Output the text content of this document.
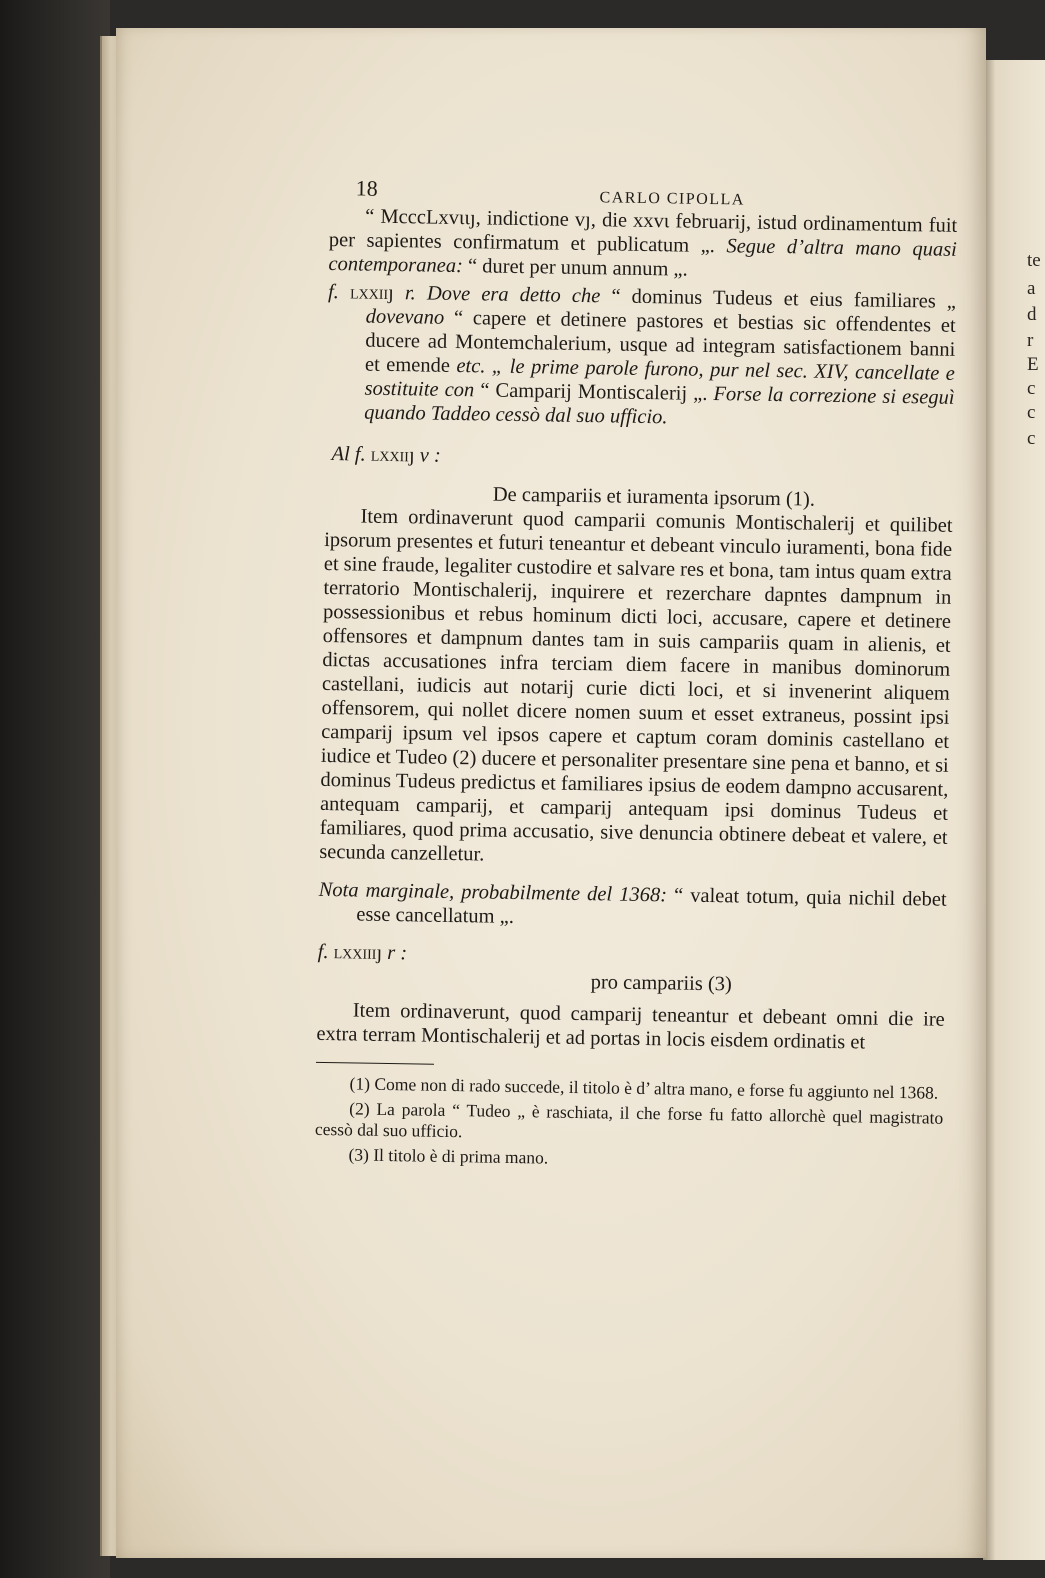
te
a
d
r
E
c
c
c
18	CARLO CIPOLLA

“ MccсLxvιιȷ, indictione vȷ, die xxvι februarij, istud ordinamentum fuit per sapientes confirmatum et publicatum „. Segue d’altra mano quasi contemporanea: “ duret per unum annum „.

f. lxxιιȷ r. Dove era detto che “ dominus Tudeus et eius familiares „ dovevano “ capere et detinere pastores et bestias sic offendentes et ducere ad Montemchalerium, usque ad integram satisfactionem banni et emende etc. „ le prime parole furono, pur nel sec. XIV, cancellate e sostituite con “ Camparij Montiscalerij „. Forse la correzione si eseguì quando Taddeo cessò dal suo ufficio.

Al f. lxxιιȷ v :

De campariis et iuramenta ipsorum (1).

Item ordinaverunt quod camparii comunis Montischalerij et quilibet ipsorum presentes et futuri teneantur et debeant vinculo iuramenti, bona fide et sine fraude, legaliter custodire et salvare res et bona, tam intus quam extra terratorio Montischalerij, inquirere et rezerchare dapntes dampnum in possessionibus et rebus hominum dicti loci, accusare, capere et detinere offensores et dampnum dantes tam in suis campariis quam in alienis, et dictas accusationes infra terciam diem facere in manibus dominorum castellani, iudicis aut notarij curie dicti loci, et si invenerint aliquem offensorem, qui nollet dicere nomen suum et esset extraneus, possint ipsi camparij ipsum vel ipsos capere et captum coram dominis castellano et iudice et Tudeo (2) ducere et personaliter presentare sine pena et banno, et si dominus Tudeus predictus et familiares ipsius de eodem dampno accusarent, antequam camparij, et camparij antequam ipsi dominus Tudeus et familiares, quod prima accusatio, sive denuncia obtinere debeat et valere, et secunda canzelletur.

Nota marginale, probabilmente del 1368: “ valeat totum, quia nichil debet esse cancellatum „.

f. lxxιιιȷ r :

pro campariis (3)

Item ordinaverunt, quod camparij teneantur et debeant omni die ire extra terram Montischalerij et ad portas in locis eisdem ordinatis et

(1) Come non di rado succede, il titolo è d’ altra mano, e forse fu aggiunto nel 1368.

(2) La parola “ Tudeo „ è raschiata, il che forse fu fatto allorchè quel magistrato cessò dal suo ufficio.

(3) Il titolo è di prima mano.
